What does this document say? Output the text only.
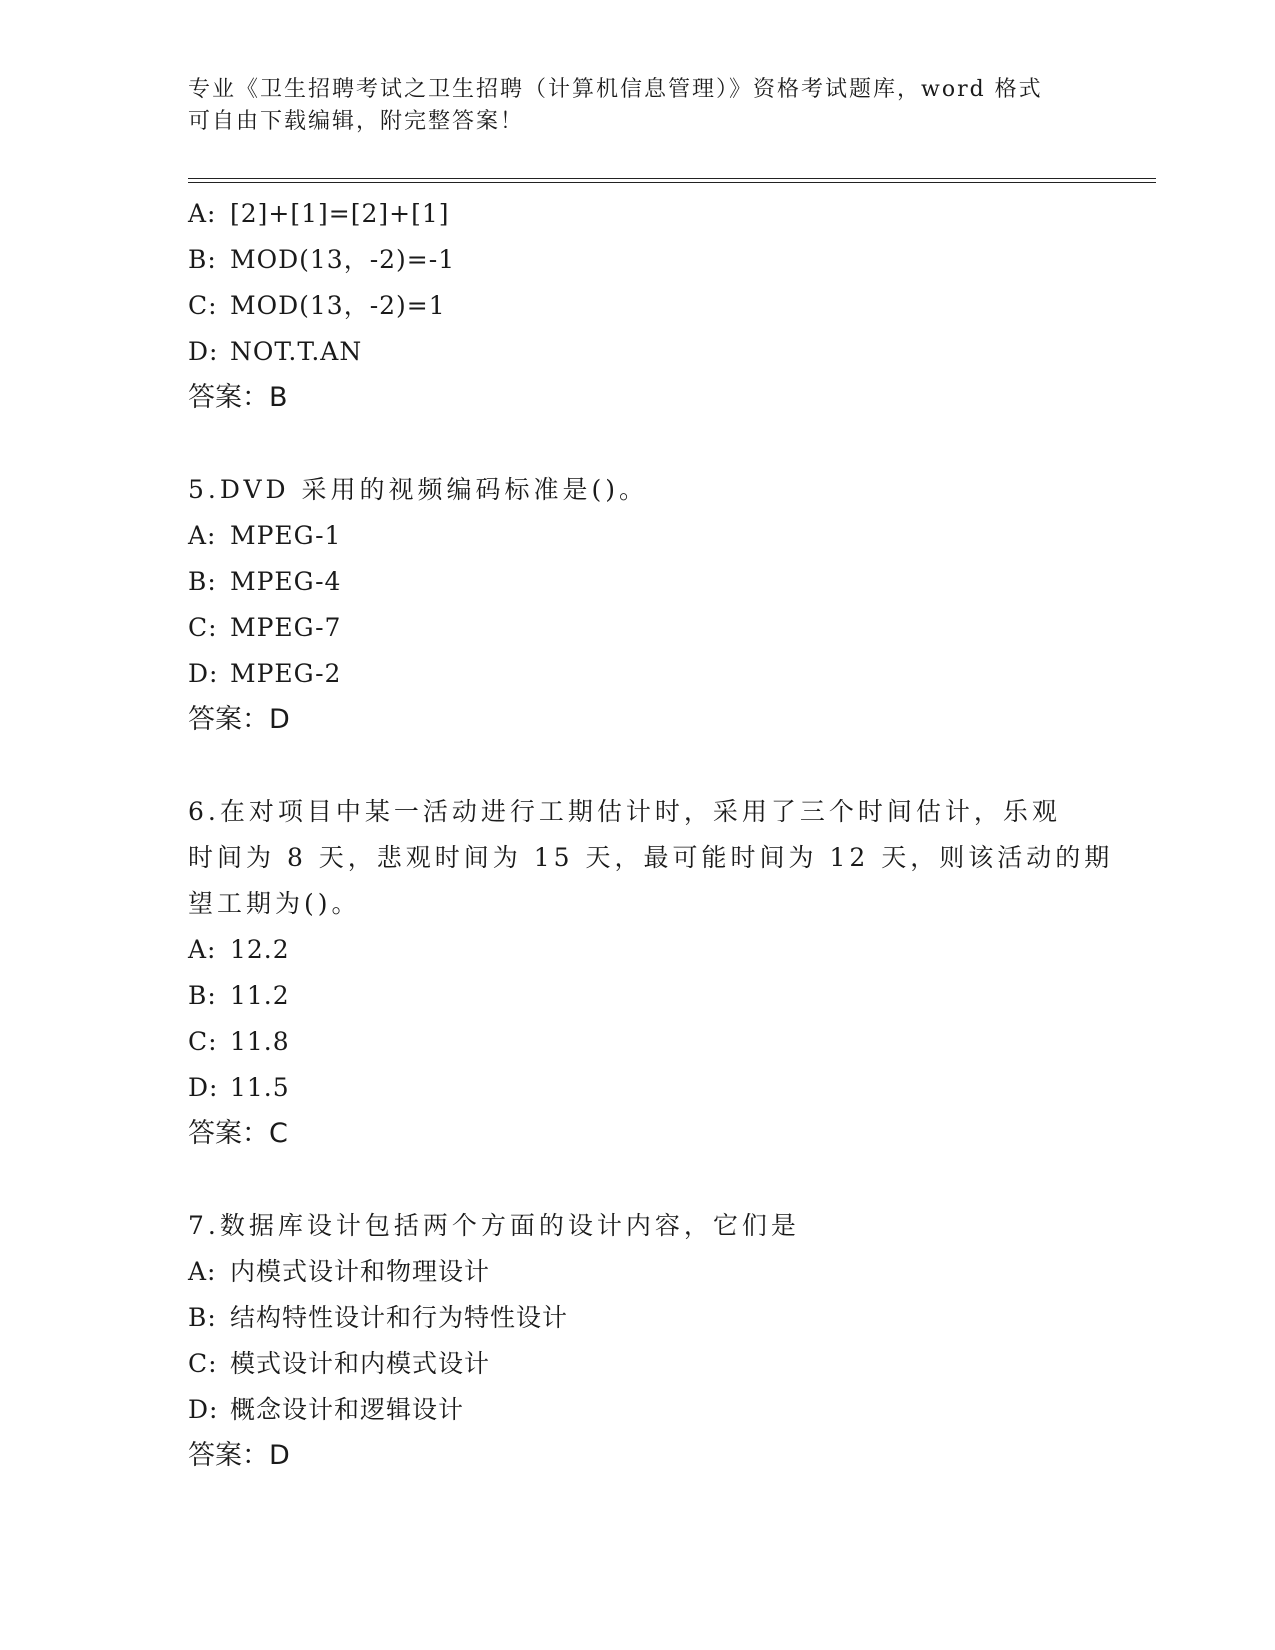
专业《卫生招聘考试之卫生招聘（计算机信息管理）》资格考试题库，word 格式
可自由下载编辑，附完整答案！
A: [2]+[1]=[2]+[1]
B: MOD(13，-2)=-1
C: MOD(13，-2)=1
D: NOT.T.AN
答案：B
5.DVD 采用的视频编码标准是()。
A: MPEG-1
B: MPEG-4
C: MPEG-7
D: MPEG-2
答案：D
6.在对项目中某一活动进行工期估计时，采用了三个时间估计，乐观
时间为 8 天，悲观时间为 15 天，最可能时间为 12 天，则该活动的期
望工期为()。
A: 12.2
B: 11.2
C: 11.8
D: 11.5
答案：C
7.数据库设计包括两个方面的设计内容，它们是
A: 内模式设计和物理设计
B: 结构特性设计和行为特性设计
C: 模式设计和内模式设计
D: 概念设计和逻辑设计
答案：D
